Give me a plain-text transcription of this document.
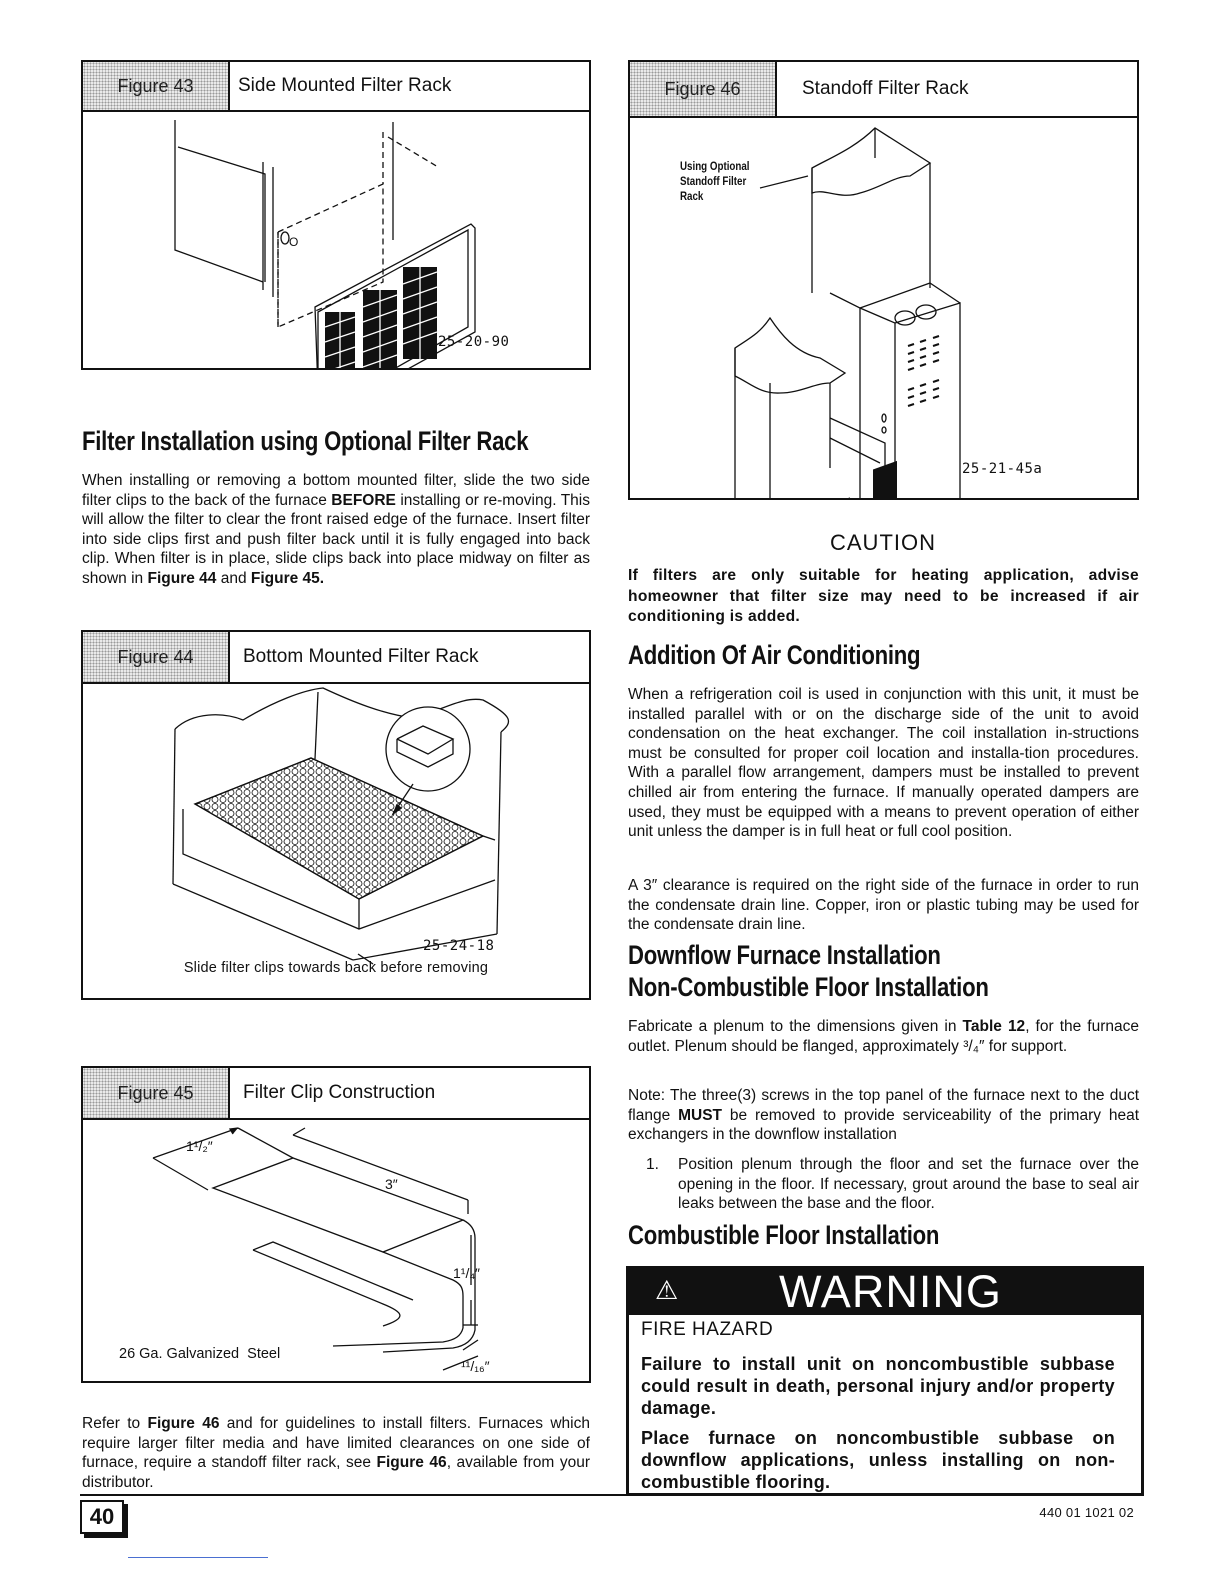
Figure 43	Side Mounted Filter Rack
O
25-20-90
Figure 46	Standoff Filter Rack
Using Optional
Standoff Filter
Rack
25-21-45a
Filter Installation using Optional Filter Rack

When installing or removing a bottom mounted filter, slide the two side filter clips to the back of the furnace BEFORE installing or re-moving. This will allow the filter to clear the front raised edge of the furnace. Insert filter into side clips first and push filter back until it is fully engaged into back clip. When filter is in place, slide clips back into place midway on filter as shown in Figure 44 and Figure 45.

Figure 44	Bottom Mounted Filter Rack
25-24-18
Slide filter clips towards back before removing
Figure 45	Filter Clip Construction
1¹/₂″
3″
1¹/₄″
¹¹/₁₆″
26 Ga. Galvanized  Steel

Refer to Figure 46 and for guidelines to install filters. Furnaces which require larger filter media and have limited clearances on one side of furnace, require a standoff filter rack, see Figure 46, available from your distributor.

CAUTION
If filters are only suitable for heating application, advise homeowner that filter size may need to be increased if air conditioning is added.
Addition Of Air Conditioning

When a refrigeration coil is used in conjunction with this unit, it must be installed parallel with or on the discharge side of the unit to avoid condensation on the heat exchanger. The coil installation in-structions must be consulted for proper coil location and installa-tion procedures. With a parallel flow arrangement, dampers must be installed to prevent chilled air from entering the furnace. If manually operated dampers are used, they must be equipped with a means to prevent operation of either unit unless the damper is in full heat or full cool position.

A 3″ clearance is required on the right side of the furnace in order to run the condensate drain line. Copper, iron or plastic tubing may be used for the condensate drain line.

Downflow Furnace Installation
Non-Combustible Floor Installation

Fabricate a plenum to the dimensions given in Table 12, for the furnace outlet. Plenum should be flanged, approximately ³/₄″ for support.

Note: The three(3) screws in the top panel of the furnace next to the duct flange MUST be removed to provide serviceability of the primary heat exchangers in the downflow installation

1. Position plenum through the floor and set the furnace over the opening in the floor. If necessary, grout around the base to seal air leaks between the base and the floor.
Combustible Floor Installation
⚠ WARNING
FIRE HAZARD
Failure to install unit on noncombustible subbase could result in death, personal injury and/or property damage.
Place furnace on noncombustible subbase on downflow applications, unless installing on non-combustible flooring.
40	440 01 1021 02
